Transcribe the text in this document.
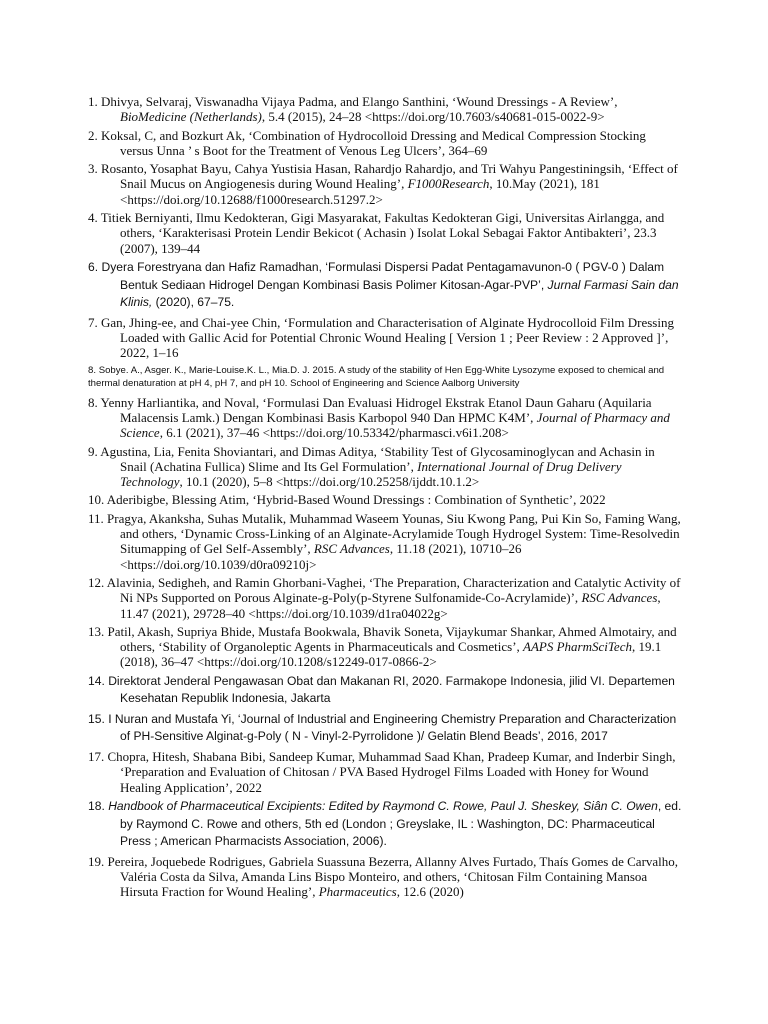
1. Dhivya, Selvaraj, Viswanadha Vijaya Padma, and Elango Santhini, ‘Wound Dressings - A Review’, BioMedicine (Netherlands), 5.4 (2015), 24–28 <https://doi.org/10.7603/s40681-015-0022-9>
2. Koksal, C, and Bozkurt Ak, ‘Combination of Hydrocolloid Dressing and Medical Compression Stocking versus Unna ’ s Boot for the Treatment of Venous Leg Ulcers’, 364–69
3. Rosanto, Yosaphat Bayu, Cahya Yustisia Hasan, Rahardjo Rahardjo, and Tri Wahyu Pangestiningsih, ‘Effect of Snail Mucus on Angiogenesis during Wound Healing’, F1000Research, 10.May (2021), 181 <https://doi.org/10.12688/f1000research.51297.2>
4. Titiek Berniyanti, Ilmu Kedokteran, Gigi Masyarakat, Fakultas Kedokteran Gigi, Universitas Airlangga, and others, ‘Karakterisasi Protein Lendir Bekicot ( Achasin ) Isolat Lokal Sebagai Faktor Antibakteri’, 23.3 (2007), 139–44
6. Dyera Forestryana dan Hafiz Ramadhan, ‘Formulasi Dispersi Padat Pentagamavunon-0 ( PGV-0 ) Dalam Bentuk Sediaan Hidrogel Dengan Kombinasi Basis Polimer Kitosan-Agar-PVP’, Jurnal Farmasi Sain dan Klinis, (2020), 67–75.
7. Gan, Jhing-ee, and Chai-yee Chin, ‘Formulation and Characterisation of Alginate Hydrocolloid Film Dressing Loaded with Gallic Acid for Potential Chronic Wound Healing [ Version 1 ; Peer Review : 2 Approved ]’, 2022, 1–16
8. Sobye. A., Asger. K., Marie-Louise.K. L., Mia.D. J. 2015. A study of the stability of Hen Egg-White Lysozyme exposed to chemical and thermal denaturation at pH 4, pH 7, and pH 10. School of Engineering and Science Aalborg University
8. Yenny Harliantika, and Noval, ‘Formulasi Dan Evaluasi Hidrogel Ekstrak Etanol Daun Gaharu (Aquilaria Malacensis Lamk.) Dengan Kombinasi Basis Karbopol 940 Dan HPMC K4M’, Journal of Pharmacy and Science, 6.1 (2021), 37–46 <https://doi.org/10.53342/pharmasci.v6i1.208>
9. Agustina, Lia, Fenita Shoviantari, and Dimas Aditya, ‘Stability Test of Glycosaminoglycan and Achasin in Snail (Achatina Fullica) Slime and Its Gel Formulation’, International Journal of Drug Delivery Technology, 10.1 (2020), 5–8 <https://doi.org/10.25258/ijddt.10.1.2>
10. Aderibigbe, Blessing Atim, ‘Hybrid-Based Wound Dressings : Combination of Synthetic’, 2022
11. Pragya, Akanksha, Suhas Mutalik, Muhammad Waseem Younas, Siu Kwong Pang, Pui Kin So, Faming Wang, and others, ‘Dynamic Cross-Linking of an Alginate-Acrylamide Tough Hydrogel System: Time-Resolvedin Situmapping of Gel Self-Assembly’, RSC Advances, 11.18 (2021), 10710–26 <https://doi.org/10.1039/d0ra09210j>
12. Alavinia, Sedigheh, and Ramin Ghorbani-Vaghei, ‘The Preparation, Characterization and Catalytic Activity of Ni NPs Supported on Porous Alginate-g-Poly(p-Styrene Sulfonamide-Co-Acrylamide)’, RSC Advances, 11.47 (2021), 29728–40 <https://doi.org/10.1039/d1ra04022g>
13. Patil, Akash, Supriya Bhide, Mustafa Bookwala, Bhavik Soneta, Vijaykumar Shankar, Ahmed Almotairy, and others, ‘Stability of Organoleptic Agents in Pharmaceuticals and Cosmetics’, AAPS PharmSciTech, 19.1 (2018), 36–47 <https://doi.org/10.1208/s12249-017-0866-2>
14. Direktorat Jenderal Pengawasan Obat dan Makanan RI, 2020. Farmakope Indonesia, jilid VI. Departemen Kesehatan Republik Indonesia, Jakarta
15. I Nuran and Mustafa Yi, ‘Journal of Industrial and Engineering Chemistry Preparation and Characterization of PH-Sensitive Alginat-g-Poly ( N - Vinyl-2-Pyrrolidone )/ Gelatin Blend Beads’, 2016, 2017
17. Chopra, Hitesh, Shabana Bibi, Sandeep Kumar, Muhammad Saad Khan, Pradeep Kumar, and Inderbir Singh, ‘Preparation and Evaluation of Chitosan / PVA Based Hydrogel Films Loaded with Honey for Wound Healing Application’, 2022
18. Handbook of Pharmaceutical Excipients: Edited by Raymond C. Rowe, Paul J. Sheskey, Siân C. Owen, ed. by Raymond C. Rowe and others, 5th ed (London ; Greyslake, IL : Washington, DC: Pharmaceutical Press ; American Pharmacists Association, 2006).
19. Pereira, Joquebede Rodrigues, Gabriela Suassuna Bezerra, Allanny Alves Furtado, Thaís Gomes de Carvalho, Valéria Costa da Silva, Amanda Lins Bispo Monteiro, and others, ‘Chitosan Film Containing Mansoa Hirsuta Fraction for Wound Healing’, Pharmaceutics, 12.6 (2020)
